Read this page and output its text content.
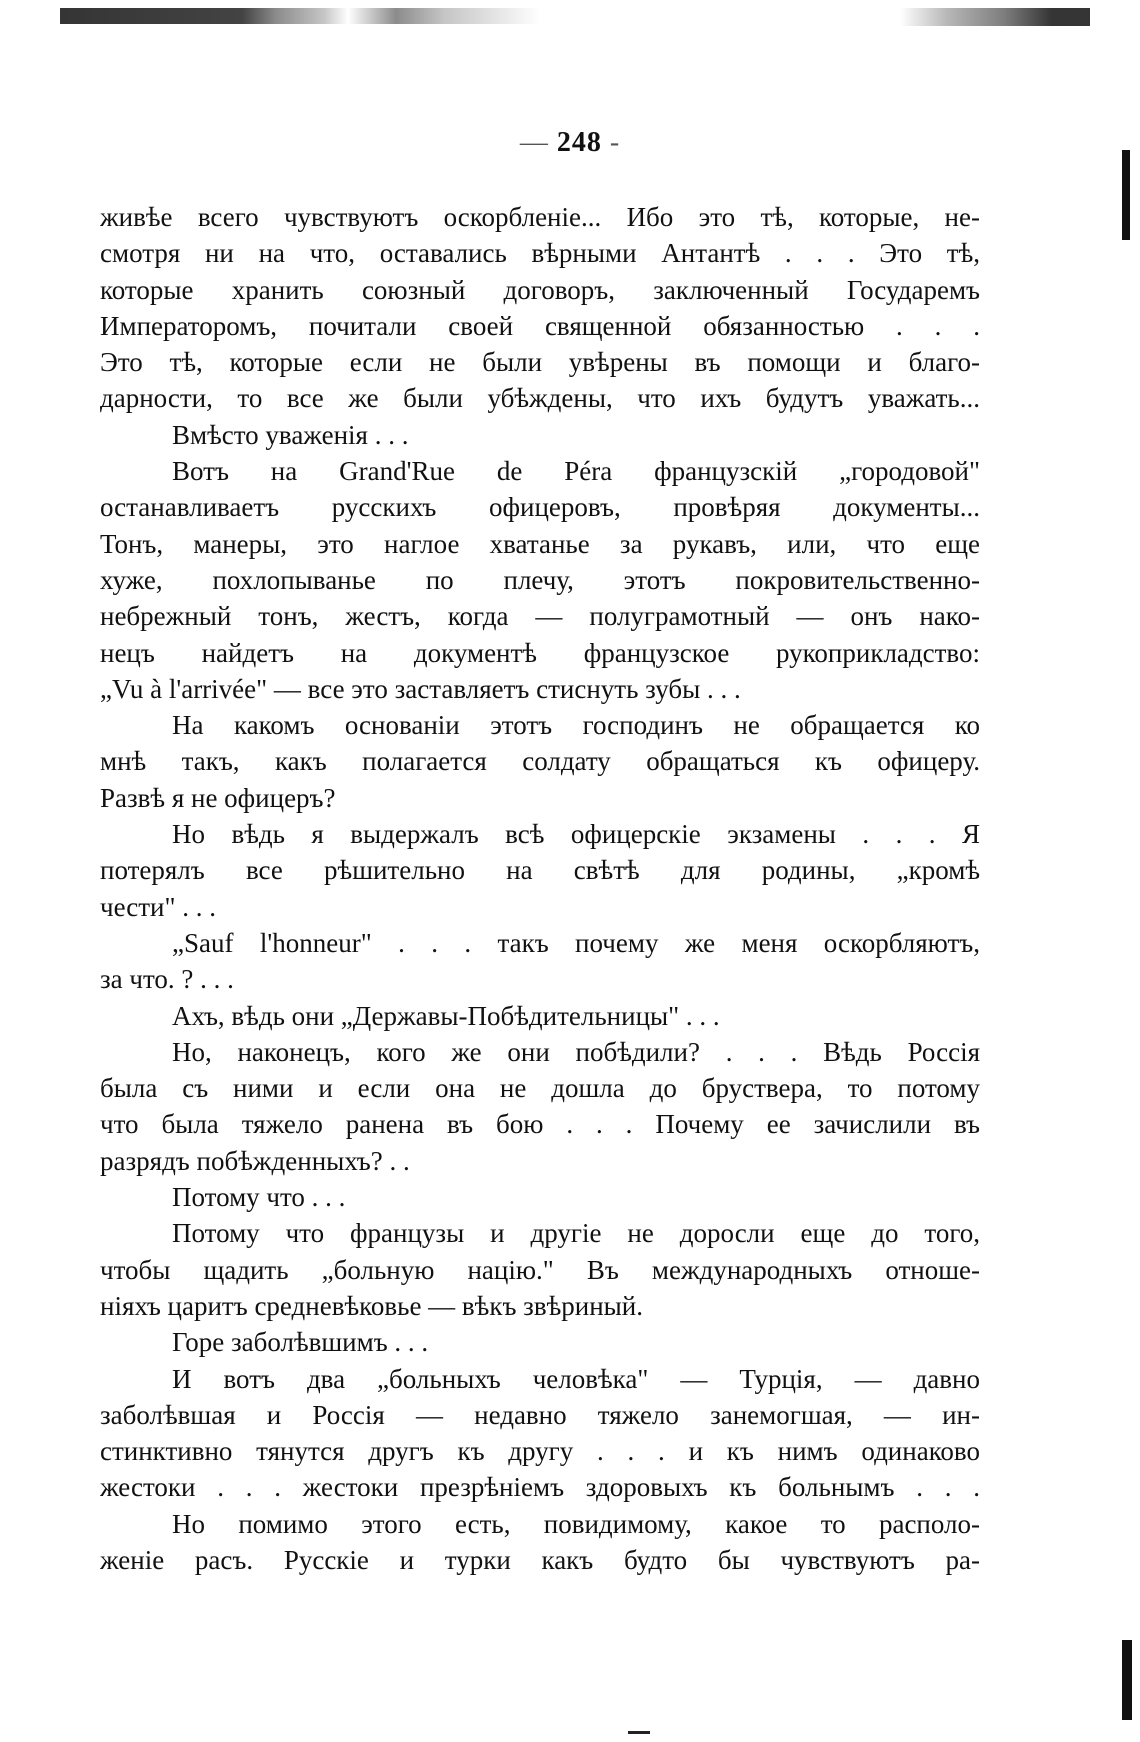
— 248 -
живѣе всего чувствуютъ оскорбленіе... Ибо это тѣ, которые, не-
смотря ни на что, оставались вѣрными Антантѣ . . . Это тѣ,
которые хранить союзный договоръ, заключенный Государемъ
Императоромъ, почитали своей священной обязанностью . . .
Это тѣ, которые если не были увѣрены въ помощи и благо-
дарности, то все же были убѣждены, что ихъ будутъ уважать...
Вмѣсто уваженія . . .
Вотъ на Grand'Rue de Péra французскій „городовой"
останавливаетъ русскихъ офицеровъ, провѣряя документы...
Тонъ, манеры, это наглое хватанье за рукавъ, или, что еще
хуже, похлопыванье по плечу, этотъ покровительственно-
небрежный тонъ, жестъ, когда — полуграмотный — онъ нако-
нецъ найдетъ на документѣ французское рукоприкладство:
„Vu à l'arrivée" — все это заставляетъ стиснуть зубы . . .
На какомъ основаніи этотъ господинъ не обращается ко
мнѣ такъ, какъ полагается солдату обращаться къ офицеру.
Развѣ я не офицеръ?
Но вѣдь я выдержалъ всѣ офицерскіе экзамены . . . Я
потерялъ все рѣшительно на свѣтѣ для родины, „кромѣ
чести" . . .
„Sauf l'honneur" . . . такъ почему же меня оскорбляютъ,
за что. ? . . .
Ахъ, вѣдь они „Державы-Побѣдительницы" . . .
Но, наконецъ, кого же они побѣдили? . . . Вѣдь Россія
была съ ними и если она не дошла до бруствера, то потому
что была тяжело ранена въ бою . . . Почему ее зачислили въ
разрядъ побѣжденныхъ? . .
Потому что . . .
Потому что французы и другіе не доросли еще до того,
чтобы щадить „больную націю." Въ международныхъ отноше-
ніяхъ царитъ средневѣковье — вѣкъ звѣриный.
Горе заболѣвшимъ . . .
И вотъ два „больныхъ человѣка" — Турція, — давно
заболѣвшая и Россія — недавно тяжело занемогшая, — ин-
стинктивно тянутся другъ къ другу . . . и къ нимъ одинаково
жестоки . . . жестоки презрѣніемъ здоровыхъ къ больнымъ . . .
Но помимо этого есть, повидимому, какое то располо-
женіе расъ. Русскіе и турки какъ будто бы чувствуютъ ра-
